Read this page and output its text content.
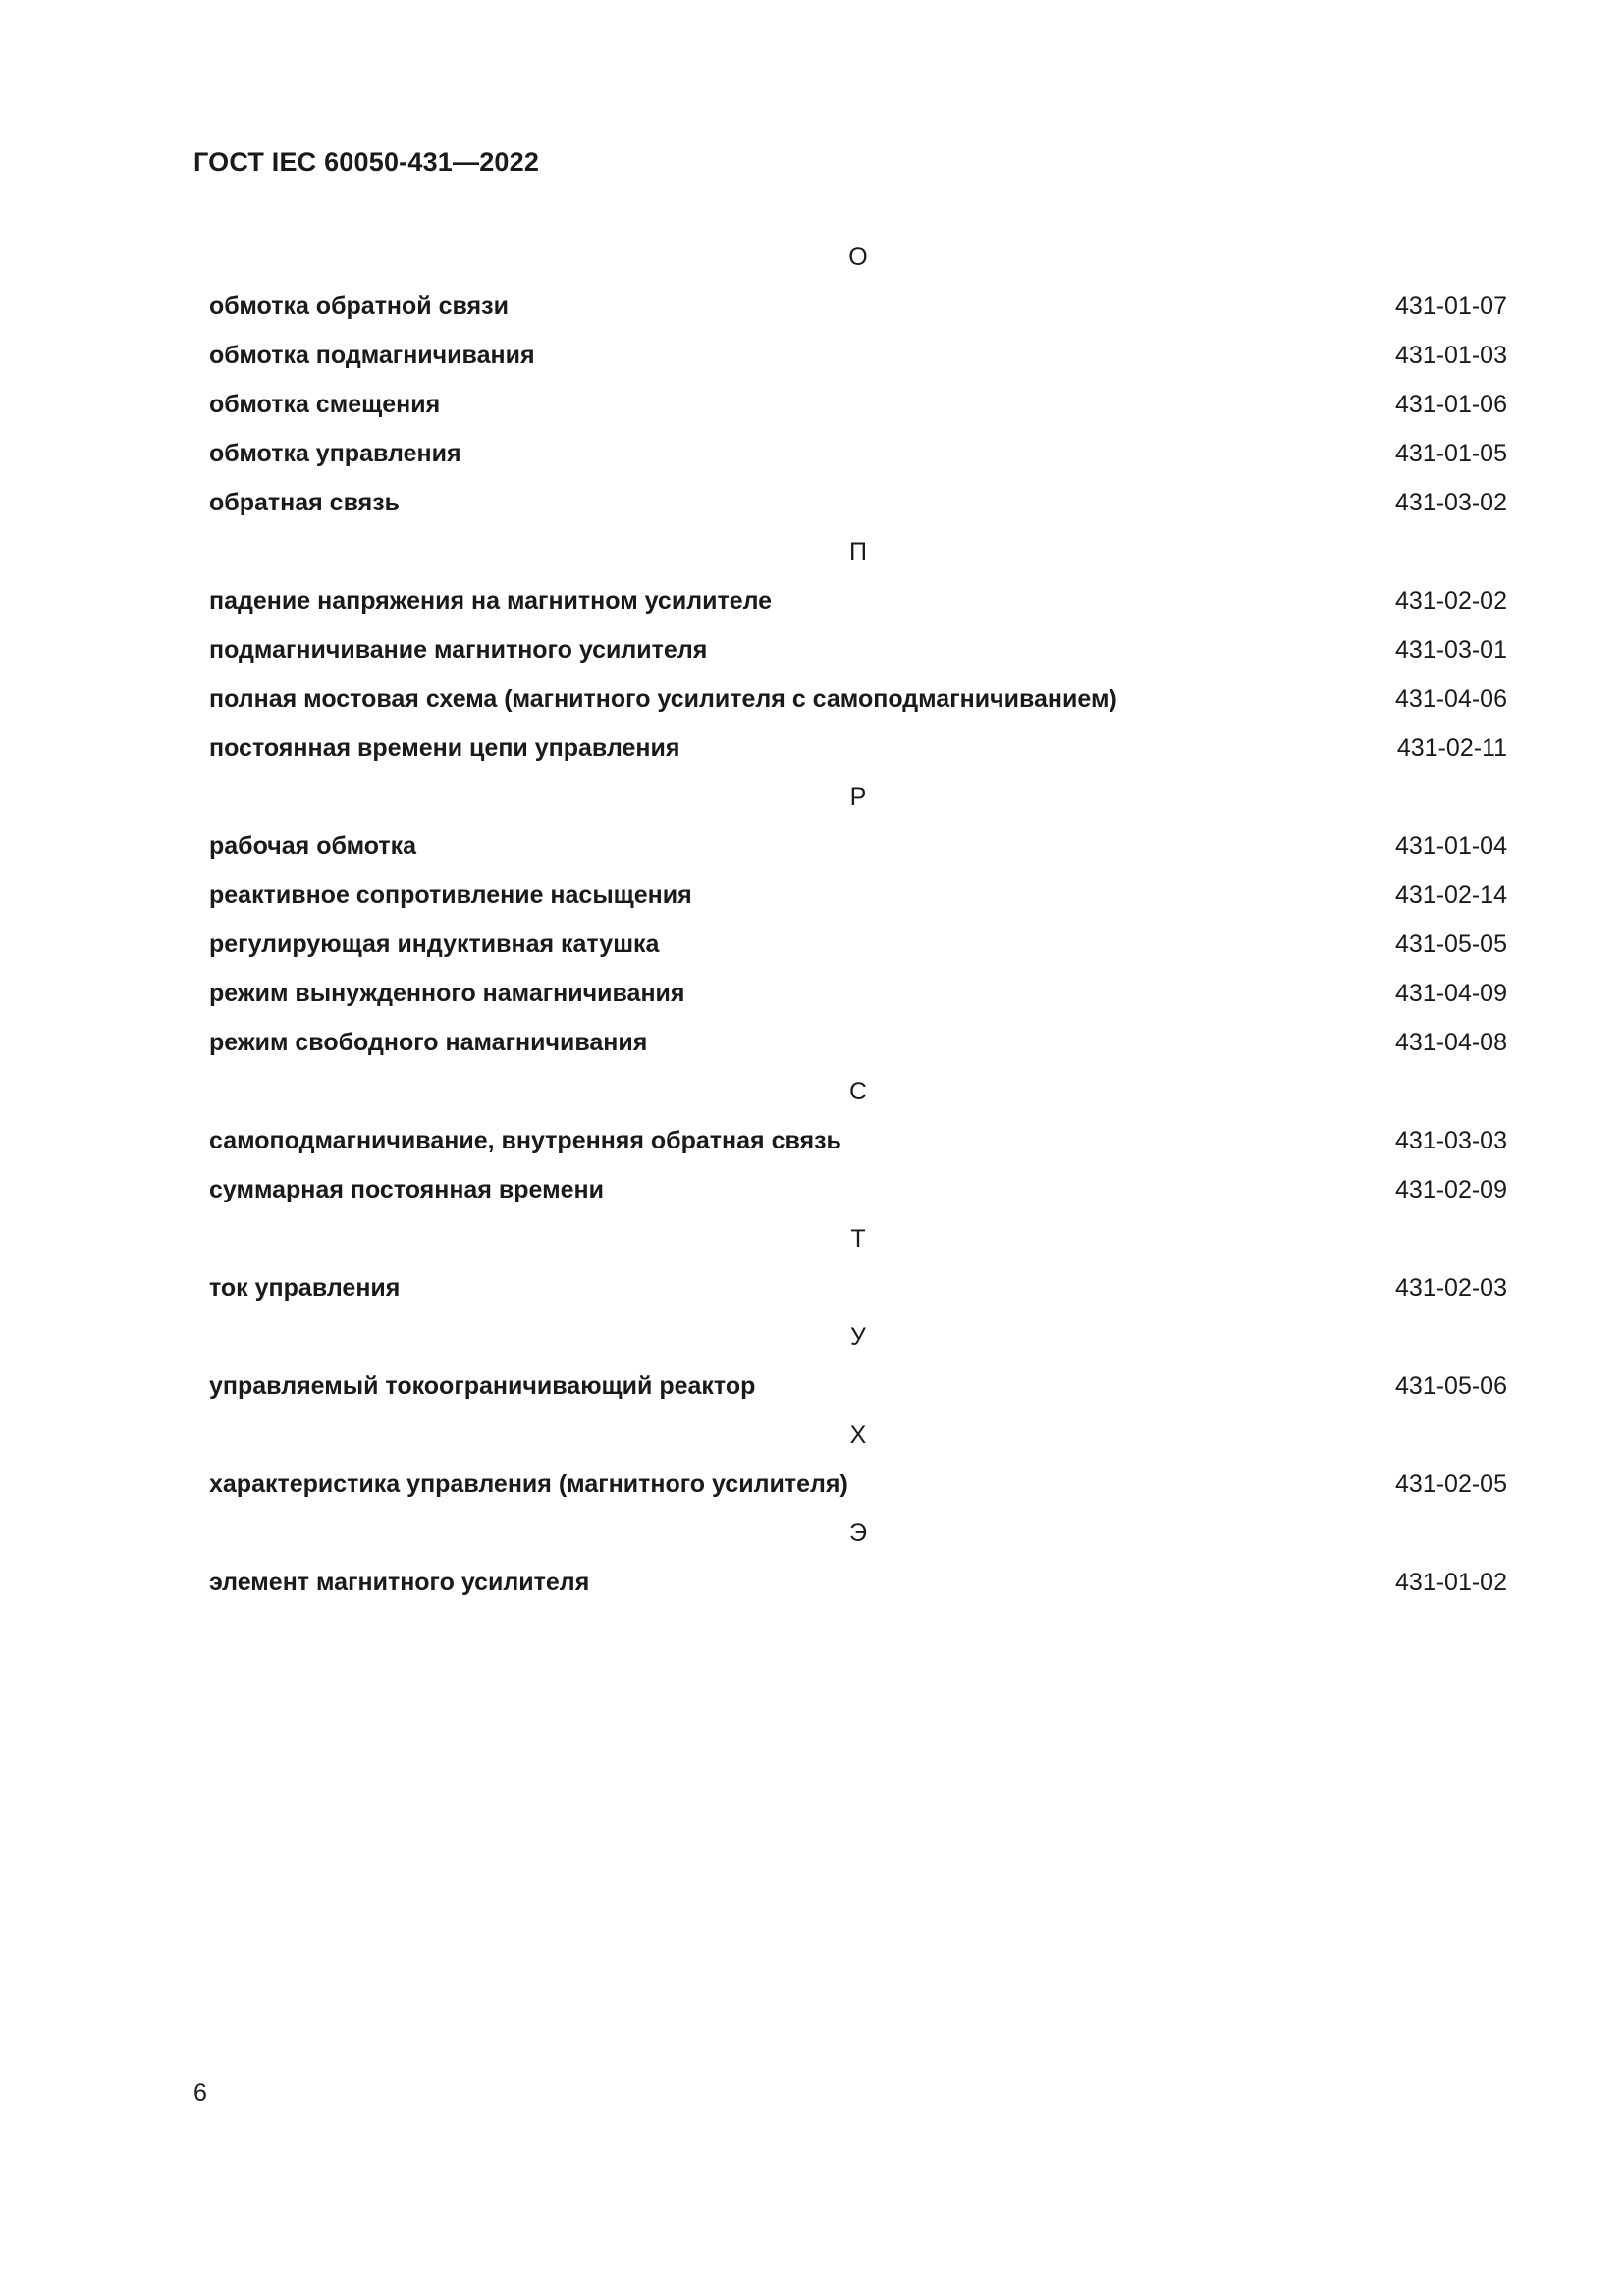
ГОСТ IEC 60050-431—2022
О
обмотка обратной связи	431-01-07
обмотка подмагничивания	431-01-03
обмотка смещения	431-01-06
обмотка управления	431-01-05
обратная связь	431-03-02
П
падение напряжения на магнитном усилителе	431-02-02
подмагничивание магнитного усилителя	431-03-01
полная мостовая схема (магнитного усилителя с самоподмагничиванием)	431-04-06
постоянная времени цепи управления	431-02-11
Р
рабочая обмотка	431-01-04
реактивное сопротивление насыщения	431-02-14
регулирующая индуктивная катушка	431-05-05
режим вынужденного намагничивания	431-04-09
режим свободного намагничивания	431-04-08
С
самоподмагничивание, внутренняя обратная связь	431-03-03
суммарная постоянная времени	431-02-09
Т
ток управления	431-02-03
У
управляемый токоограничивающий реактор	431-05-06
Х
характеристика управления (магнитного усилителя)	431-02-05
Э
элемент магнитного усилителя	431-01-02
6
